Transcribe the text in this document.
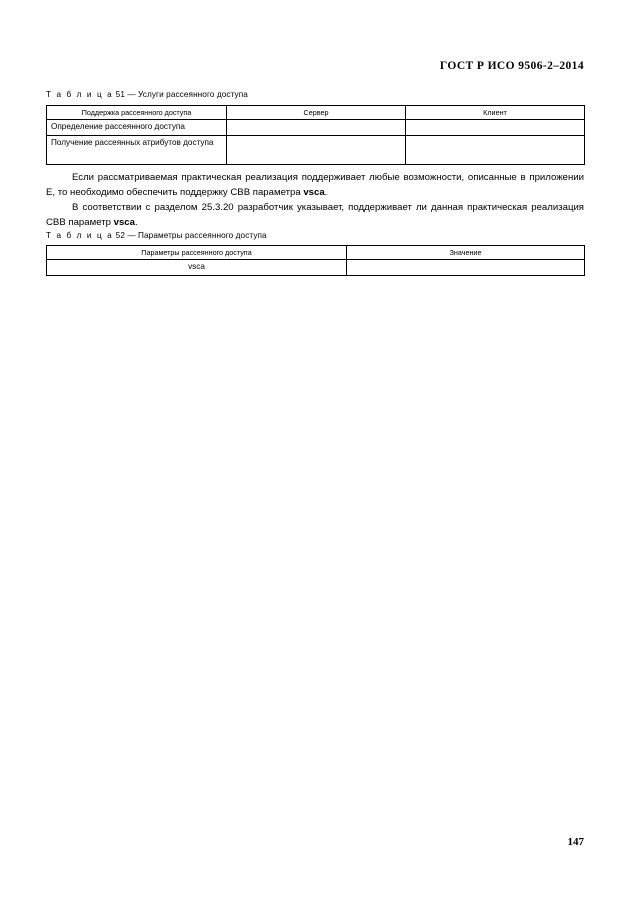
ГОСТ Р ИСО 9506-2–2014
Т а б л и ц а 51 — Услуги рассеянного доступа
Поддержка рассеянного доступа	Сервер	Клиент
Определение рассеянного доступа		
Получение рассеянных атрибутов доступа		

Если рассматриваемая практическая реализация поддерживает любые возможности, описанные в приложении E, то необходимо обеспечить поддержку CBB параметра vsca.

В соответствии с разделом 25.3.20 разработчик указывает, поддерживает ли данная практическая реализация CBB параметр vsca.

Т а б л и ц а 52 — Параметры рассеянного доступа
Параметры рассеянного доступа	Значение
vsca	
147
